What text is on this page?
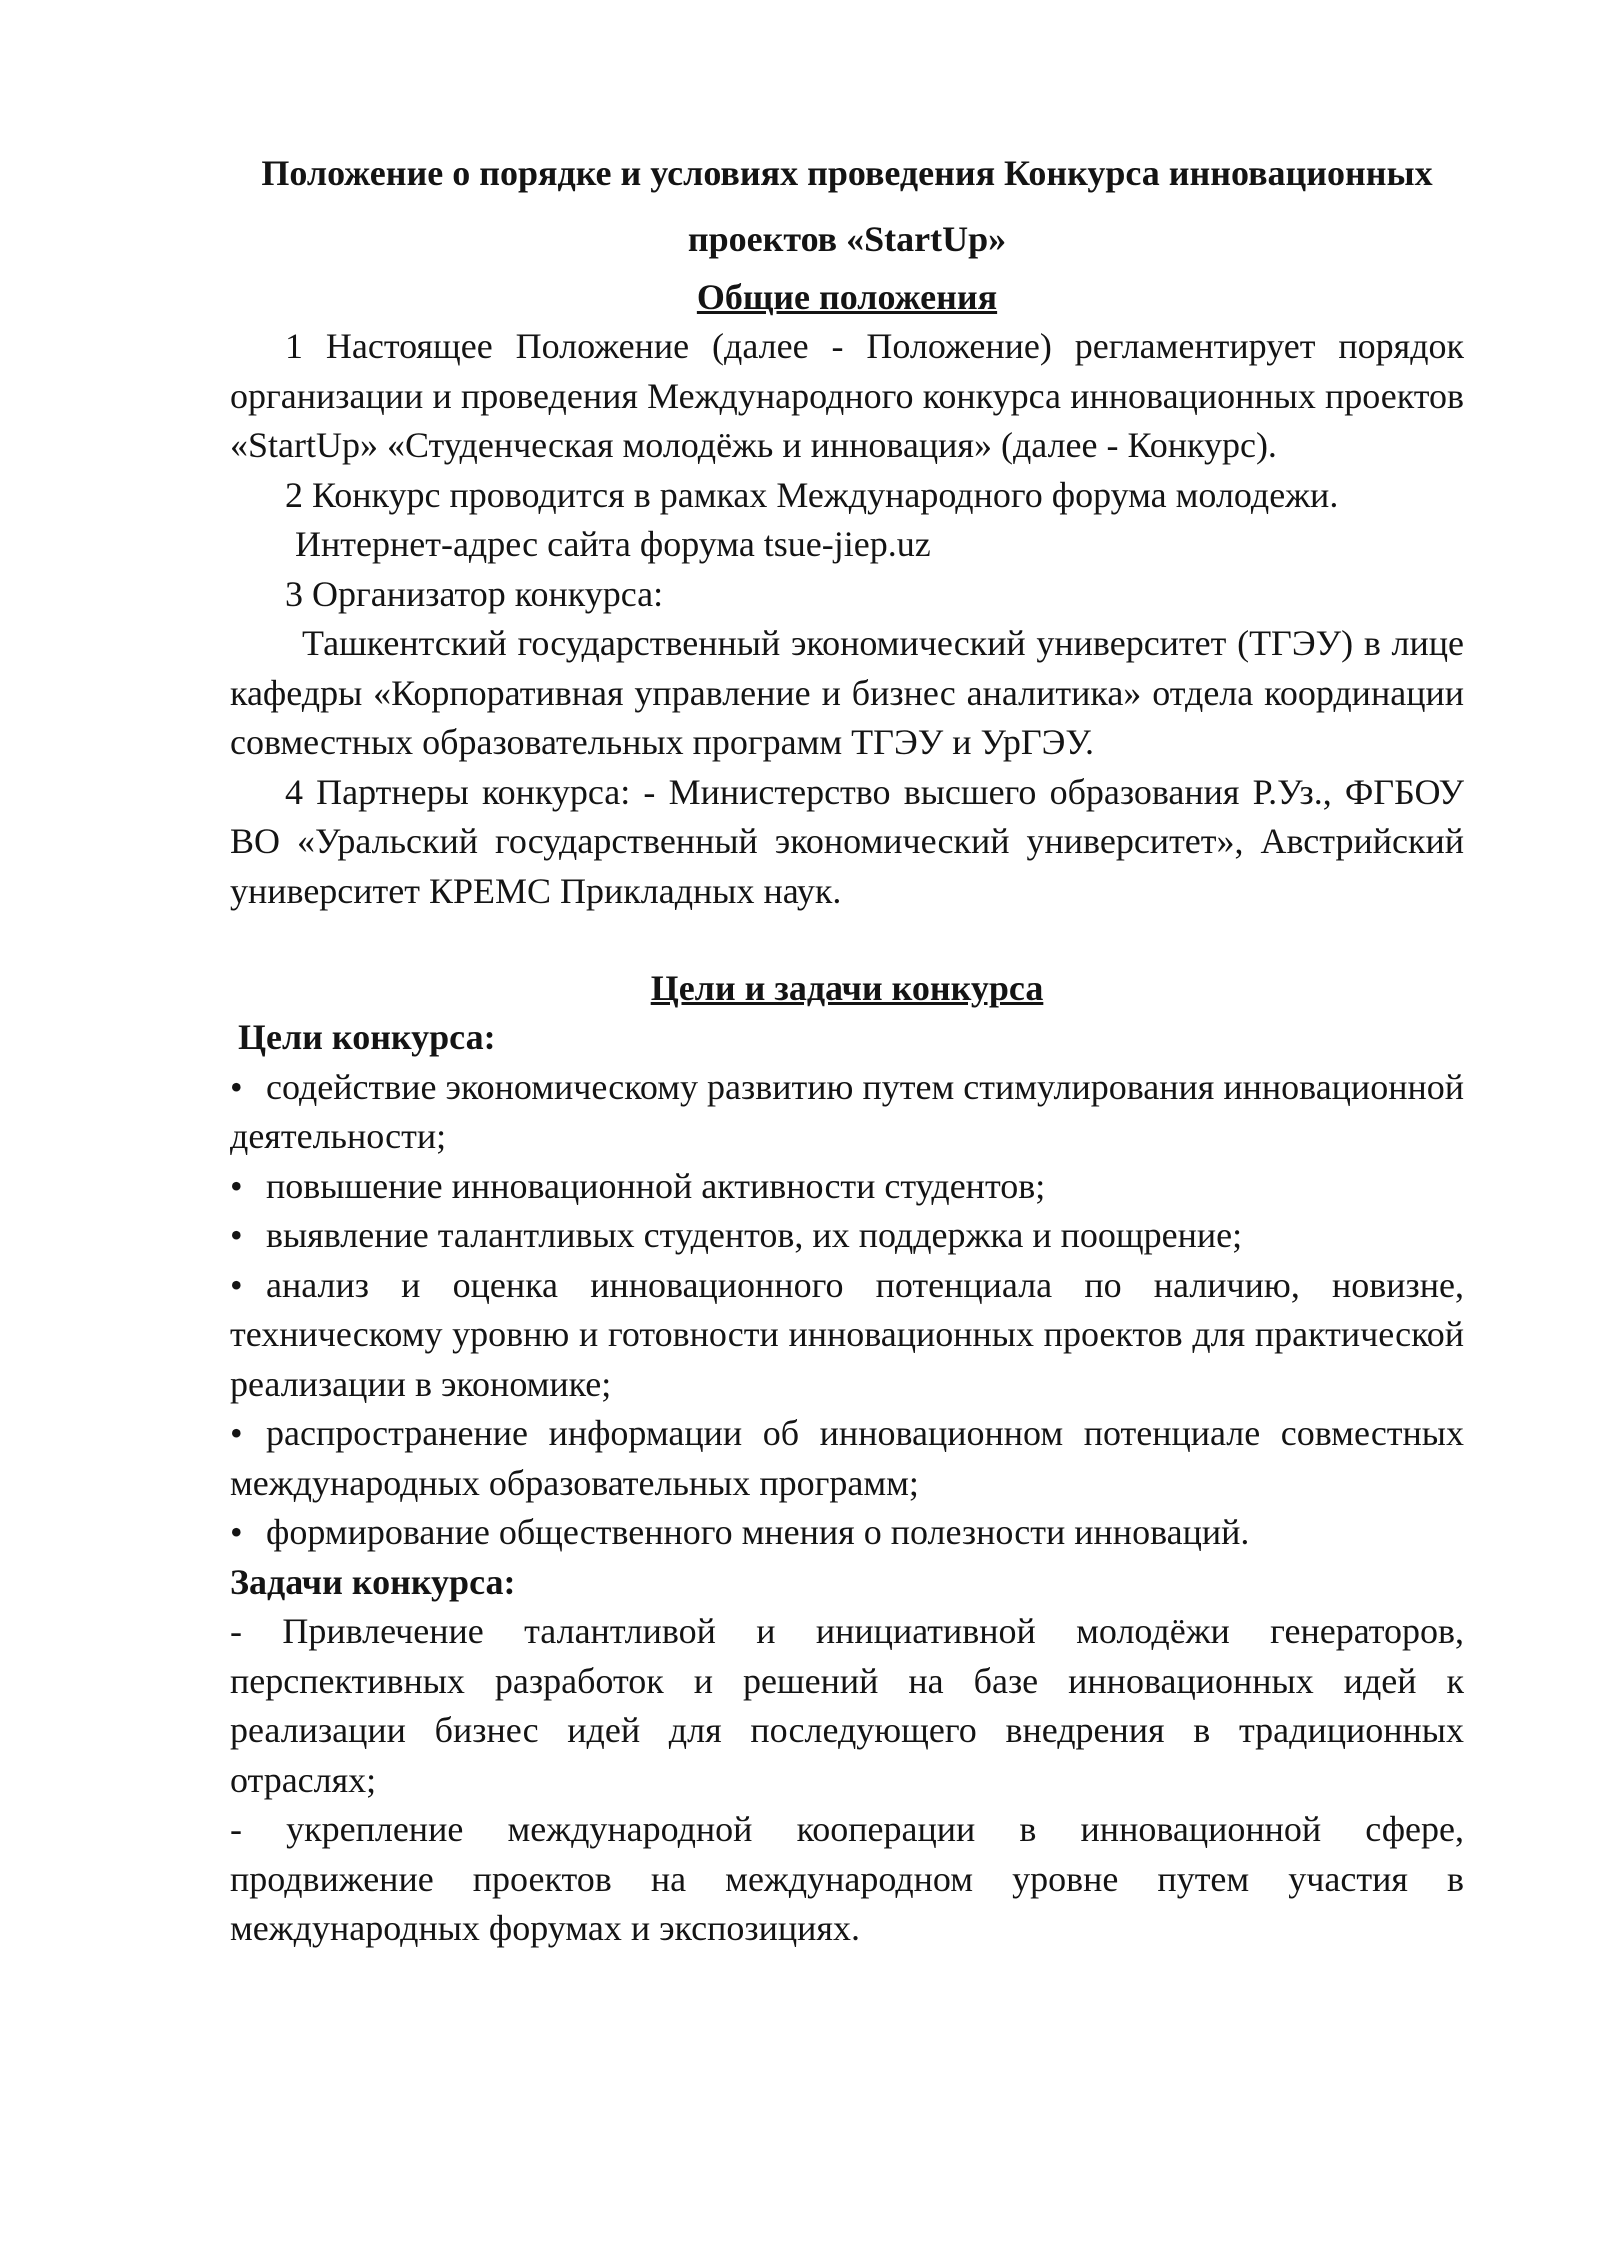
Положение о порядке и условиях проведения Конкурса инновационных

проектов «StartUp»

Общие положения

1 Настоящее Положение (далее - Положение) регламентирует порядок организации и проведения Международного конкурса инновационных проектов «StartUp» «Студенческая молодёжь и инновация» (далее - Конкурс).

2 Конкурс проводится в рамках Международного форума молодежи.

Интернет-адрес сайта форума tsue-jiep.uz

3 Организатор конкурса:

Ташкентский государственный экономический университет (ТГЭУ) в лице кафедры «Корпоративная управление и бизнес аналитика» отдела координации совместных образовательных программ ТГЭУ и УрГЭУ.

4 Партнеры конкурса: - Министерство высшего образования Р.Уз., ФГБОУ ВО «Уральский государственный экономический университет», Австрийский университет КРЕМС Прикладных наук.

Цели и задачи конкурса

Цели конкурса:

• содействие экономическому развитию путем стимулирования инновационной деятельности;
• повышение инновационной активности студентов;
• выявление талантливых студентов, их поддержка и поощрение;
• анализ и оценка инновационного потенциала по наличию, новизне, техническому уровню и готовности инновационных проектов для практической реализации в экономике;
• распространение информации об инновационном потенциале совместных международных образовательных программ;
• формирование общественного мнения о полезности инноваций.

Задачи конкурса:

- Привлечение талантливой и инициативной молодёжи генераторов, перспективных разработок и решений на базе инновационных идей к реализации бизнес идей для последующего внедрения в традиционных отраслях;

- укрепление международной кооперации в инновационной сфере, продвижение проектов на международном уровне путем участия в международных форумах и экспозициях.
